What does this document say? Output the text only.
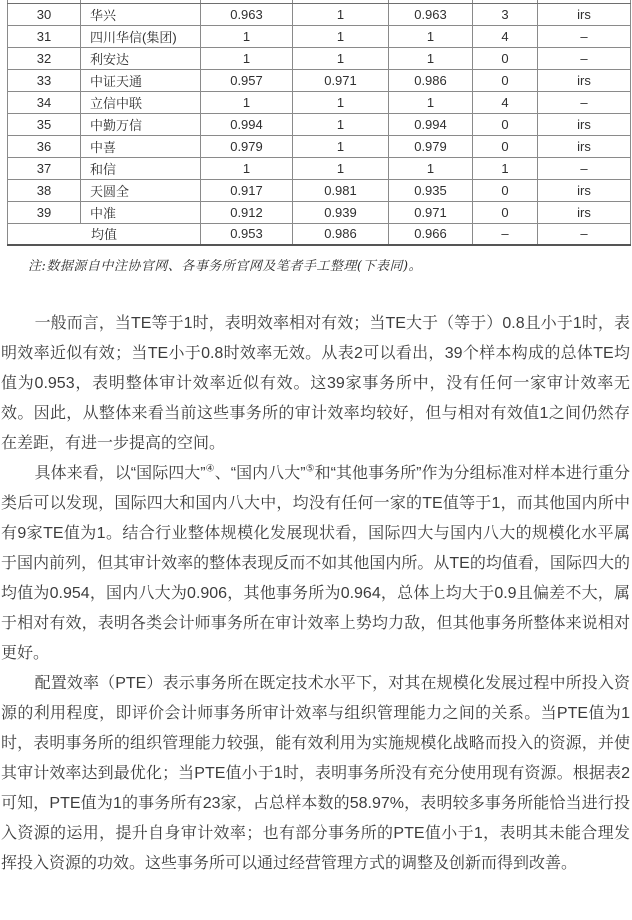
30	华兴	0.963	1	0.963	3	irs
31	四川华信(集团)	1	1	1	4	–
32	利安达	1	1	1	0	–
33	中证天通	0.957	0.971	0.986	0	irs
34	立信中联	1	1	1	4	–
35	中勤万信	0.994	1	0.994	0	irs
36	中喜	0.979	1	0.979	0	irs
37	和信	1	1	1	1	–
38	天圆全	0.917	0.981	0.935	0	irs
39	中准	0.912	0.939	0.971	0	irs
均值		0.953	0.986	0.966	–	–
注:数据源自中注协官网、各事务所官网及笔者手工整理(下表同)。

一般而言，当TE等于1时，表明效率相对有效；当TE大于（等于）0.8且小于1时，表明效率近似有效；当TE小于0.8时效率无效。从表2可以看出，39个样本构成的总体TE均值为0.953，表明整体审计效率近似有效。这39家事务所中，没有任何一家审计效率无效。因此，从整体来看当前这些事务所的审计效率均较好，但与相对有效值1之间仍然存在差距，有进一步提高的空间。

具体来看，以“国际四大”④、“国内八大”⑤和“其他事务所”作为分组标准对样本进行重分类后可以发现，国际四大和国内八大中，均没有任何一家的TE值等于1，而其他国内所中有9家TE值为1。结合行业整体规模化发展现状看，国际四大与国内八大的规模化水平属于国内前列，但其审计效率的整体表现反而不如其他国内所。从TE的均值看，国际四大的均值为0.954，国内八大为0.906，其他事务所为0.964，总体上均大于0.9且偏差不大，属于相对有效，表明各类会计师事务所在审计效率上势均力敌，但其他事务所整体来说相对更好。

配置效率（PTE）表示事务所在既定技术水平下，对其在规模化发展过程中所投入资源的利用程度，即评价会计师事务所审计效率与组织管理能力之间的关系。当PTE值为1时，表明事务所的组织管理能力较强，能有效利用为实施规模化战略而投入的资源，并使其审计效率达到最优化；当PTE值小于1时，表明事务所没有充分使用现有资源。根据表2可知，PTE值为1的事务所有23家，占总样本数的58.97%，表明较多事务所能恰当进行投入资源的运用，提升自身审计效率；也有部分事务所的PTE值小于1，表明其未能合理发挥投入资源的功效。这些事务所可以通过经营管理方式的调整及创新而得到改善。
